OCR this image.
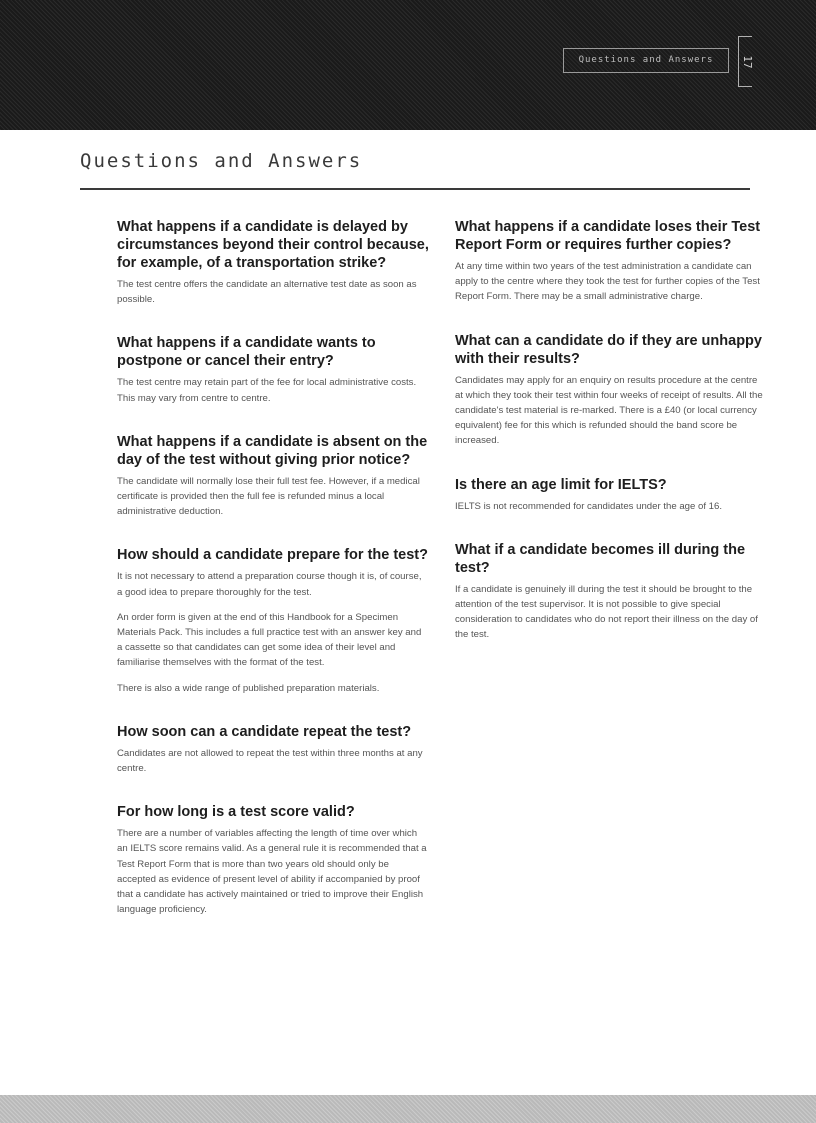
Questions and Answers	17
Questions and Answers
What happens if a candidate is delayed by circumstances beyond their control because, for example, of a transportation strike?

The test centre offers the candidate an alternative test date as soon as possible.

What happens if a candidate wants to postpone or cancel their entry?

The test centre may retain part of the fee for local administrative costs. This may vary from centre to centre.

What happens if a candidate is absent on the day of the test without giving prior notice?

The candidate will normally lose their full test fee. However, if a medical certificate is provided then the full fee is refunded minus a local administrative deduction.

How should a candidate prepare for the test?

It is not necessary to attend a preparation course though it is, of course, a good idea to prepare thoroughly for the test.

An order form is given at the end of this Handbook for a Specimen Materials Pack. This includes a full practice test with an answer key and a cassette so that candidates can get some idea of their level and familiarise themselves with the format of the test.

There is also a wide range of published preparation materials.

How soon can a candidate repeat the test?

Candidates are not allowed to repeat the test within three months at any centre.

For how long is a test score valid?

There are a number of variables affecting the length of time over which an IELTS score remains valid. As a general rule it is recommended that a Test Report Form that is more than two years old should only be accepted as evidence of present level of ability if accompanied by proof that a candidate has actively maintained or tried to improve their English language proficiency.

What happens if a candidate loses their Test Report Form or requires further copies?

At any time within two years of the test administration a candidate can apply to the centre where they took the test for further copies of the Test Report Form. There may be a small administrative charge.

What can a candidate do if they are unhappy with their results?

Candidates may apply for an enquiry on results procedure at the centre at which they took their test within four weeks of receipt of results. All the candidate's test material is re-marked. There is a £40 (or local currency equivalent) fee for this which is refunded should the band score be increased.

Is there an age limit for IELTS?

IELTS is not recommended for candidates under the age of 16.

What if a candidate becomes ill during the test?

If a candidate is genuinely ill during the test it should be brought to the attention of the test supervisor. It is not possible to give special consideration to candidates who do not report their illness on the day of the test.
